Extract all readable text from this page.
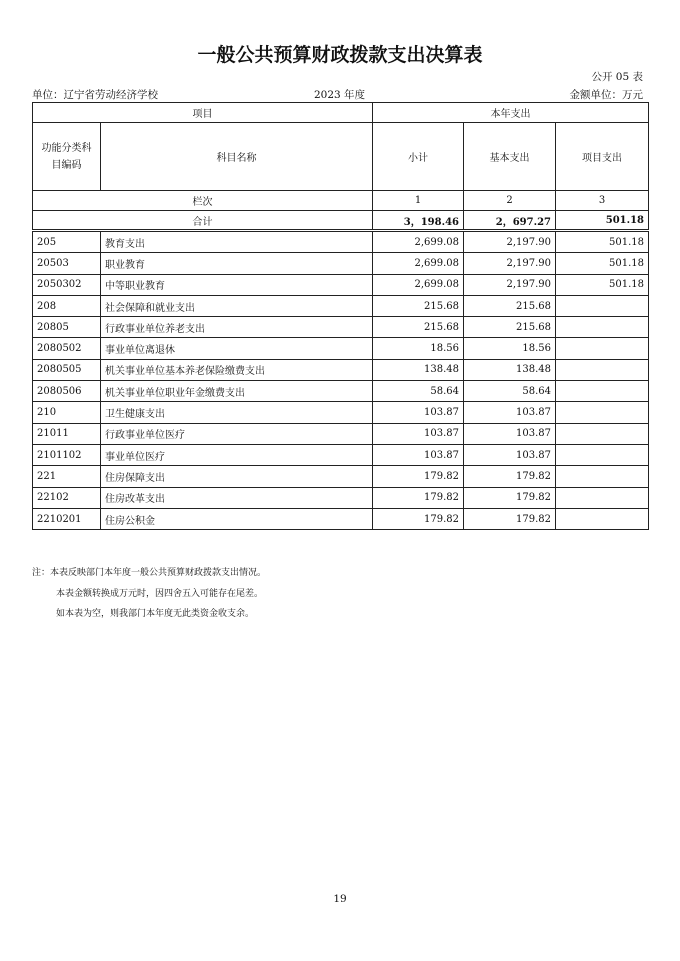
一般公共预算财政拨款支出决算表
公开 05 表
单位：辽宁省劳动经济学校	2023 年度	金额单位：万元
项目		本年支出		
功能分类科目编码	科目名称	小计	基本支出	项目支出
栏次		1	2	3
合计		3，198.46	2，697.27	501.18
205	教育支出	2,699.08	2,197.90	501.18
20503	职业教育	2,699.08	2,197.90	501.18
2050302	中等职业教育	2,699.08	2,197.90	501.18
208	社会保障和就业支出	215.68	215.68	
20805	行政事业单位养老支出	215.68	215.68	
2080502	事业单位离退休	18.56	18.56	
2080505	机关事业单位基本养老保险缴费支出	138.48	138.48	
2080506	机关事业单位职业年金缴费支出	58.64	58.64	
210	卫生健康支出	103.87	103.87	
21011	行政事业单位医疗	103.87	103.87	
2101102	事业单位医疗	103.87	103.87	
221	住房保障支出	179.82	179.82	
22102	住房改革支出	179.82	179.82	
2210201	住房公积金	179.82	179.82	
注：本表反映部门本年度一般公共预算财政拨款支出情况。
本表金额转换成万元时，因四舍五入可能存在尾差。
如本表为空，则我部门本年度无此类资金收支余。
19
